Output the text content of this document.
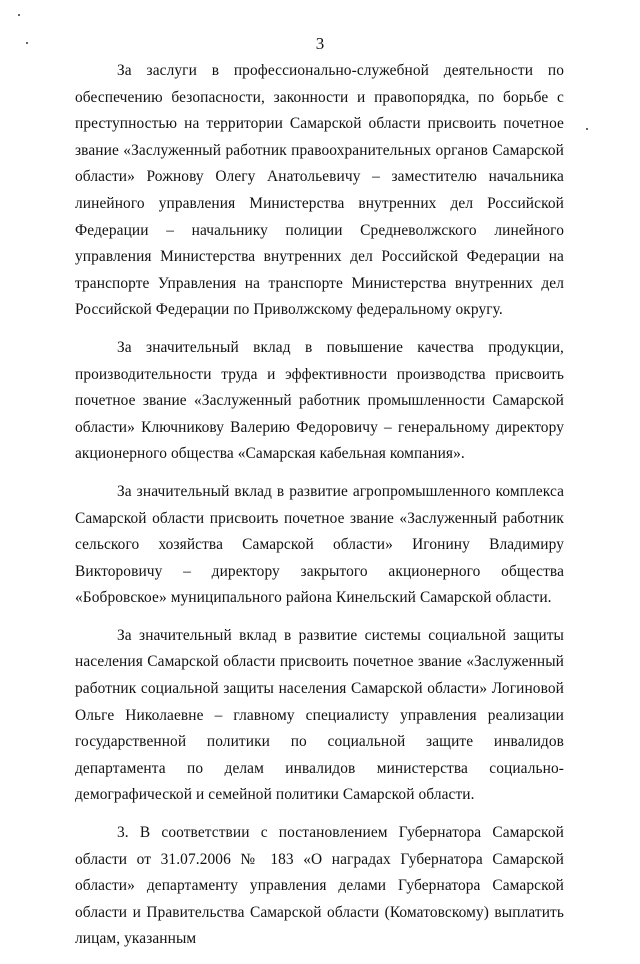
3

За заслуги в профессионально-служебной деятельности по обеспечению безопасности, законности и правопорядка, по борьбе с преступностью на территории Самарской области присвоить почетное звание «Заслуженный работник правоохранительных органов Самарской области» Рожнову Олегу Анатольевичу – заместителю начальника линейного управления Министерства внутренних дел Российской Федерации – начальнику полиции Средневолжского линейного управления Министерства внутренних дел Российской Федерации на транспорте Управления на транспорте Министерства внутренних дел Российской Федерации по Приволжскому федеральному округу.

За значительный вклад в повышение качества продукции, производительности труда и эффективности производства присвоить почетное звание «Заслуженный работник промышленности Самарской области» Ключникову Валерию Федоровичу – генеральному директору акционерного общества «Самарская кабельная компания».

За значительный вклад в развитие агропромышленного комплекса Самарской области присвоить почетное звание «Заслуженный работник сельского хозяйства Самарской области» Игонину Владимиру Викторовичу – директору закрытого акционерного общества «Бобровское» муниципального района Кинельский Самарской области.

За значительный вклад в развитие системы социальной защиты населения Самарской области присвоить почетное звание «Заслуженный работник социальной защиты населения Самарской области» Логиновой Ольге Николаевне – главному специалисту управления реализации государственной политики по социальной защите инвалидов департамента по делам инвалидов министерства социально-демографической и семейной политики Самарской области.

3. В соответствии с постановлением Губернатора Самарской области от 31.07.2006 № 183 «О наградах Губернатора Самарской области» департаменту управления делами Губернатора Самарской области и Правительства Самарской области (Коматовскому) выплатить лицам, указанным
